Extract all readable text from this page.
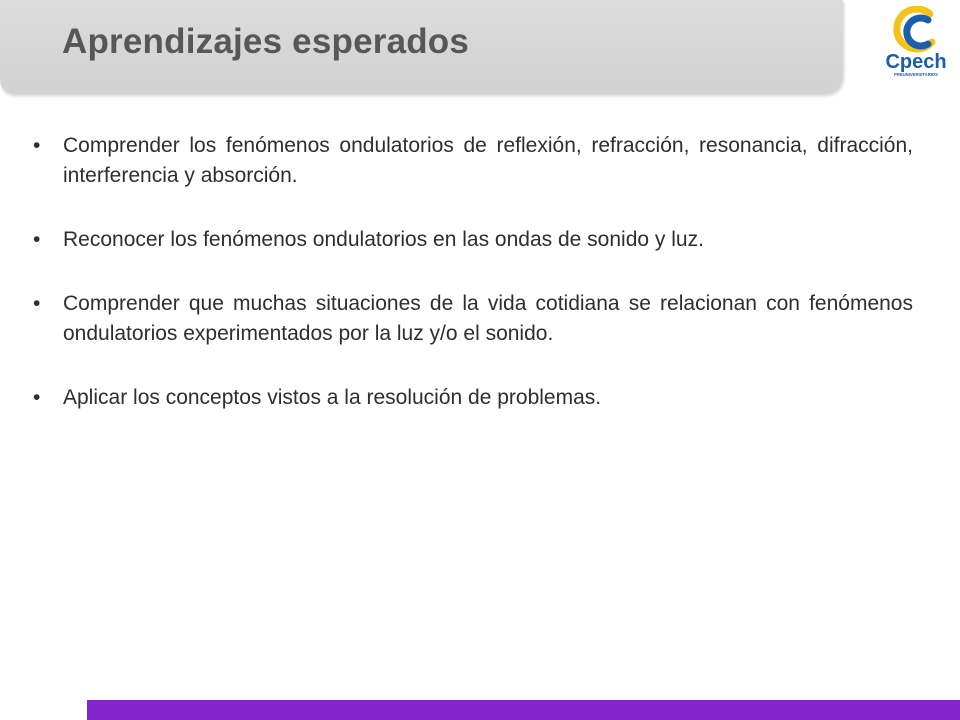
Aprendizajes esperados
Cpech
PREUNIVERSITARIOS
• Comprender los fenómenos ondulatorios de reflexión, refracción, resonancia, difracción, interferencia y absorción.
• Reconocer los fenómenos ondulatorios en las ondas de sonido y luz.
• Comprender que muchas situaciones de la vida cotidiana se relacionan con fenómenos ondulatorios experimentados por la luz y/o el sonido.
• Aplicar los conceptos vistos a la resolución de problemas.
